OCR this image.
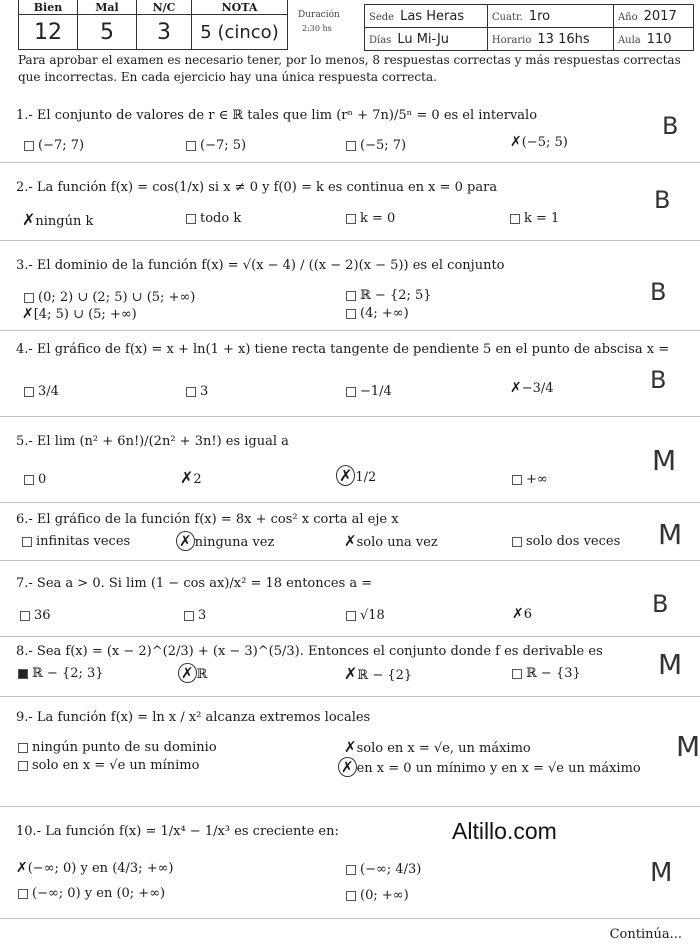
Bien	Mal	N/C	NOTA
12	5	3	5 (cinco)
Duración
2:30 hs
Sede Las Heras	Cuatr. 1ro	Año 2017
Días Lu Mi-Ju	Horario 13 16hs	Aula 110
Para aprobar el examen es necesario tener, por lo menos, 8 respuestas correctas y más respuestas correctas que incorrectas. En cada ejercicio hay una única respuesta correcta.
1.- El conjunto de valores de r ∈ ℝ tales que lim (rⁿ + 7n)/5ⁿ = 0 es el intervalo
(−7; 7)	(−7; 5)	(−5; 7)	✗(−5; 5)
B
2.- La función f(x) = cos(1/x) si x ≠ 0 y f(0) = k es continua en x = 0 para
✗ningún k	todo k	k = 0	k = 1
B
3.- El dominio de la función f(x) = √(x − 4) / ((x − 2)(x − 5)) es el conjunto
(0; 2) ∪ (2; 5) ∪ (5; +∞)	ℝ − {2; 5}
✗[4; 5) ∪ (5; +∞)	(4; +∞)
B
4.- El gráfico de f(x) = x + ln(1 + x) tiene recta tangente de pendiente 5 en el punto de abscisa x =
3/4	3	−1/4	✗−3/4	B
5.- El lim (n² + 6n!)/(2n² + 3n!) es igual a
0	✗2	✗ 1/2	+∞
M
6.- El gráfico de la función f(x) = 8x + cos² x corta al eje x
infinitas veces	✗ ninguna vez	✗solo una vez	solo dos veces M
7.- Sea a > 0. Si lim (1 − cos ax)/x² = 18 entonces a =
36	3	√18	✗6	B
8.- Sea f(x) = (x − 2)^(2/3) + (x − 3)^(5/3). Entonces el conjunto donde f es derivable es
ℝ − {2; 3}	✗ ℝ	✗ℝ − {2}	ℝ − {3}	M
9.- La función f(x) = ln x / x² alcanza extremos locales
ningún punto de su dominio	✗solo en x = √e, un máximo
solo en x = √e un mínimo	✗ en x = 0 un mínimo y en x = √e un máximo
M
10.- La función f(x) = 1/x⁴ − 1/x³ es creciente en:	Altillo.com
✗(−∞; 0) y en (4/3; +∞)	(−∞; 4/3)
(−∞; 0) y en (0; +∞)	(0; +∞)
M
Continúa...
